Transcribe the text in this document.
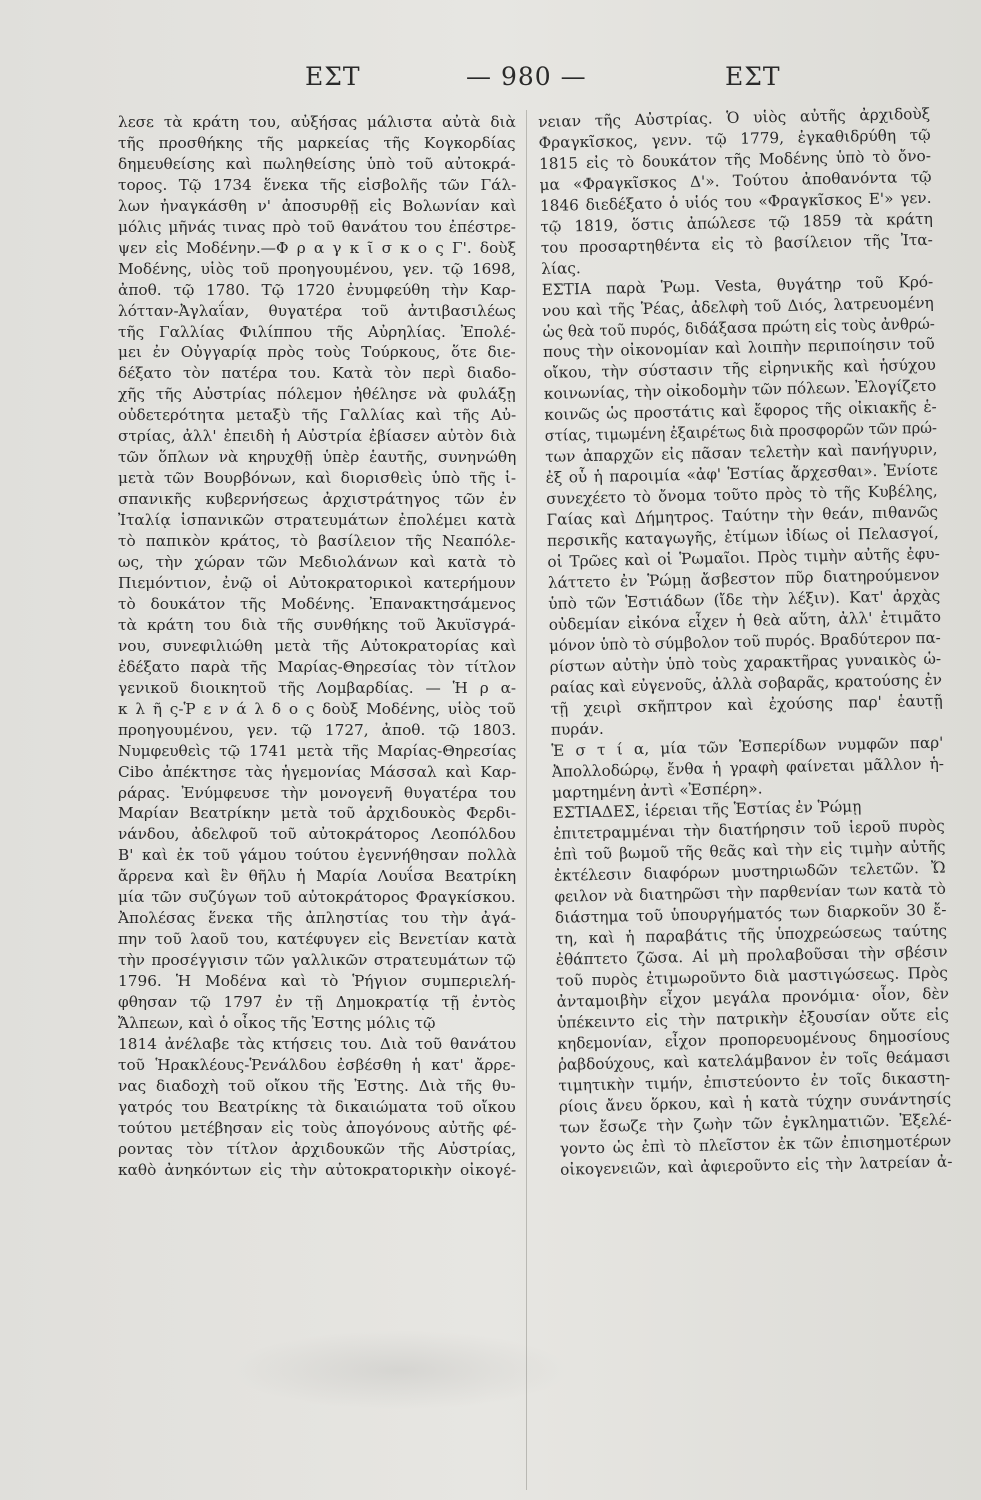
ΕΣΤ	— 980 —	ΕΣΤ

λεσε τὰ κράτη του, αὐξήσας μάλιστα αὐτὰ διὰ

τῆς προσθήκης τῆς μαρκείας τῆς Κογκορδίας

δημευθείσης καὶ πωληθείσης ὑπὸ τοῦ αὐτοκρά-

τορος. Τῷ 1734 ἕνεκα τῆς εἰσβολῆς τῶν Γάλ-

λων ἠναγκάσθη ν' ἀποσυρθῇ εἰς Βολωνίαν καὶ

μόλις μῆνάς τινας πρὸ τοῦ θανάτου του ἐπέστρε-

ψεν εἰς Μοδένην.—Φ ρ α γ κ ῖ σ κ ο ς Γ'. δοὺξ

Μοδένης, υἱὸς τοῦ προηγουμένου, γεν. τῷ 1698,

ἀποθ. τῷ 1780. Τῷ 1720 ἐνυμφεύθη τὴν Καρ-

λότταν-Ἀγλαΐαν, θυγατέρα τοῦ ἀντιβασιλέως

τῆς Γαλλίας Φιλίππου τῆς Αὐρηλίας. Ἐπολέ-

μει ἐν Οὐγγαρίᾳ πρὸς τοὺς Τούρκους, ὅτε διε-

δέξατο τὸν πατέρα του. Κατὰ τὸν περὶ διαδο-

χῆς τῆς Αὐστρίας πόλεμον ἠθέλησε νὰ φυλάξῃ

οὐδετερότητα μεταξὺ τῆς Γαλλίας καὶ τῆς Αὐ-

στρίας, ἀλλ' ἐπειδὴ ἡ Αὐστρία ἐβίασεν αὐτὸν διὰ

τῶν ὅπλων νὰ κηρυχθῇ ὑπὲρ ἑαυτῆς, συνηνώθη

μετὰ τῶν Βουρβόνων, καὶ διορισθεὶς ὑπὸ τῆς ἱ-

σπανικῆς κυβερνήσεως ἀρχιστράτηγος τῶν ἐν

Ἰταλίᾳ ἱσπανικῶν στρατευμάτων ἐπολέμει κατὰ

τὸ παπικὸν κράτος, τὸ βασίλειον τῆς Νεαπόλε-

ως, τὴν χώραν τῶν Μεδιολάνων καὶ κατὰ τὸ

Πιεμόντιον, ἐνῷ οἱ Αὐτοκρατορικοὶ κατερήμουν

τὸ δουκάτον τῆς Μοδένης. Ἐπανακτησάμενος

τὰ κράτη του διὰ τῆς συνθήκης τοῦ Ἀκυϊσγρά-

νου, συνεφιλιώθη μετὰ τῆς Αὐτοκρατορίας καὶ

ἐδέξατο παρὰ τῆς Μαρίας-Θηρεσίας τὸν τίτλον

γενικοῦ διοικητοῦ τῆς Λομβαρδίας. — Ἡ ρ α-

κ λ ῆ ς-Ῥ ε ν ά λ δ ο ς δοὺξ Μοδένης, υἱὸς τοῦ

προηγουμένου, γεν. τῷ 1727, ἀποθ. τῷ 1803.

Νυμφευθεὶς τῷ 1741 μετὰ τῆς Μαρίας-Θηρεσίας

Cibo ἀπέκτησε τὰς ἡγεμονίας Μάσσαλ καὶ Καρ-

ράρας. Ἐνύμφευσε τὴν μονογενῆ θυγατέρα του

Μαρίαν Βεατρίκην μετὰ τοῦ ἀρχιδουκὸς Φερδι-

νάνδου, ἀδελφοῦ τοῦ αὐτοκράτορος Λεοπόλδου

Β' καὶ ἐκ τοῦ γάμου τούτου ἐγεννήθησαν πολλὰ

ἄρρενα καὶ ἓν θῆλυ ἡ Μαρία Λουΐσα Βεατρίκη

μία τῶν συζύγων τοῦ αὐτοκράτορος Φραγκίσκου.

Ἀπολέσας ἕνεκα τῆς ἀπληστίας του τὴν ἀγά-

πην τοῦ λαοῦ του, κατέφυγεν εἰς Βενετίαν κατὰ

τὴν προσέγγισιν τῶν γαλλικῶν στρατευμάτων τῷ

1796. Ἡ Μοδένα καὶ τὸ Ῥήγιον συμπεριελή-

φθησαν τῷ 1797 ἐν τῇ Δημοκρατίᾳ τῇ ἐντὸς

Ἄλπεων, καὶ ὁ οἶκος τῆς Ἐστης μόλις τῷ

1814 ἀνέλαβε τὰς κτήσεις του. Διὰ τοῦ θανάτου

τοῦ Ἡρακλέους-Ῥενάλδου ἐσβέσθη ἡ κατ' ἄρρε-

νας διαδοχὴ τοῦ οἴκου τῆς Ἐστης. Διὰ τῆς θυ-

γατρός του Βεατρίκης τὰ δικαιώματα τοῦ οἴκου

τούτου μετέβησαν εἰς τοὺς ἀπογόνους αὐτῆς φέ-

ροντας τὸν τίτλον ἀρχιδουκῶν τῆς Αὐστρίας,

καθὸ ἀνηκόντων εἰς τὴν αὐτοκρατορικὴν οἰκογέ-

νειαν τῆς Αὐστρίας. Ὁ υἱὸς αὐτῆς ἀρχιδοὺξ

Φραγκῖσκος, γενν. τῷ 1779, ἐγκαθιδρύθη τῷ

1815 εἰς τὸ δουκάτον τῆς Μοδένης ὑπὸ τὸ ὄνο-

μα «Φραγκῖσκος Δ'». Τούτου ἀποθανόντα τῷ

1846 διεδέξατο ὁ υἱός του «Φραγκῖσκος Ε'» γεν.

τῷ 1819, ὅστις ἀπώλεσε τῷ 1859 τὰ κράτη

του προσαρτηθέντα εἰς τὸ βασίλειον τῆς Ἰτα-

λίας.

ΕΣΤΙΑ παρὰ Ῥωμ. Vesta, θυγάτηρ τοῦ Κρό-

νου καὶ τῆς Ῥέας, ἀδελφὴ τοῦ Διός, λατρευομένη

ὡς θεὰ τοῦ πυρός, διδάξασα πρώτη εἰς τοὺς ἀνθρώ-

πους τὴν οἰκονομίαν καὶ λοιπὴν περιποίησιν τοῦ

οἴκου, τὴν σύστασιν τῆς εἰρηνικῆς καὶ ἡσύχου

κοινωνίας, τὴν οἰκοδομὴν τῶν πόλεων. Ἐλογίζετο

κοινῶς ὡς προστάτις καὶ ἔφορος τῆς οἰκιακῆς ἑ-

στίας, τιμωμένη ἐξαιρέτως διὰ προσφορῶν τῶν πρώ-

των ἀπαρχῶν εἰς πᾶσαν τελετὴν καὶ πανήγυριν,

ἐξ οὗ ἡ παροιμία «ἀφ' Ἑστίας ἄρχεσθαι». Ἐνίοτε

συνεχέετο τὸ ὄνομα τοῦτο πρὸς τὸ τῆς Κυβέλης,

Γαίας καὶ Δήμητρος. Ταύτην τὴν θεάν, πιθανῶς

περσικῆς καταγωγῆς, ἐτίμων ἰδίως οἱ Πελασγοί,

οἱ Τρῶες καὶ οἱ Ῥωμαῖοι. Πρὸς τιμὴν αὐτῆς ἐφυ-

λάττετο ἐν Ῥώμῃ ἄσβεστον πῦρ διατηρούμενον

ὑπὸ τῶν Ἑστιάδων (ἴδε τὴν λέξιν). Κατ' ἀρχὰς

οὐδεμίαν εἰκόνα εἶχεν ἡ θεὰ αὕτη, ἀλλ' ἐτιμᾶτο

μόνον ὑπὸ τὸ σύμβολον τοῦ πυρός. Βραδύτερον πα-

ρίστων αὐτὴν ὑπὸ τοὺς χαρακτῆρας γυναικὸς ὡ-

ραίας καὶ εὐγενοῦς, ἀλλὰ σοβαρᾶς, κρατούσης ἐν

τῇ χειρὶ σκῆπτρον καὶ ἐχούσης παρ' ἑαυτῇ

πυράν.

Ἑ σ τ ί α, μία τῶν Ἑσπερίδων νυμφῶν παρ'

Ἀπολλοδώρῳ, ἔνθα ἡ γραφὴ φαίνεται μᾶλλον ἡ-

μαρτημένη ἀντὶ «Ἐσπέρη».

ΕΣΤΙΑΔΕΣ, ἱέρειαι τῆς Ἑστίας ἐν Ῥώμῃ

ἐπιτετραμμέναι τὴν διατήρησιν τοῦ ἱεροῦ πυρὸς

ἐπὶ τοῦ βωμοῦ τῆς θεᾶς καὶ τὴν εἰς τιμὴν αὐτῆς

ἐκτέλεσιν διαφόρων μυστηριωδῶν τελετῶν. Ὤ

φειλον νὰ διατηρῶσι τὴν παρθενίαν των κατὰ τὸ

διάστημα τοῦ ὑπουργήματός των διαρκοῦν 30 ἔ-

τη, καὶ ἡ παραβάτις τῆς ὑποχρεώσεως ταύτης

ἐθάπτετο ζῶσα. Αἱ μὴ προλαβοῦσαι τὴν σβέσιν

τοῦ πυρὸς ἐτιμωροῦντο διὰ μαστιγώσεως. Πρὸς

ἀνταμοιβὴν εἶχον μεγάλα προνόμια· οἷον, δὲν

ὑπέκειντο εἰς τὴν πατρικὴν ἐξουσίαν οὔτε εἰς

κηδεμονίαν, εἶχον προπορευομένους δημοσίους

ῥαβδούχους, καὶ κατελάμβανον ἐν τοῖς θεάμασι

τιμητικὴν τιμήν, ἐπιστεύοντο ἐν τοῖς δικαστη-

ρίοις ἄνευ ὅρκου, καὶ ἡ κατὰ τύχην συνάντησίς

των ἔσωζε τὴν ζωὴν τῶν ἐγκληματιῶν. Ἐξελέ-

γοντο ὡς ἐπὶ τὸ πλεῖστον ἐκ τῶν ἐπισημοτέρων

οἰκογενειῶν, καὶ ἀφιεροῦντο εἰς τὴν λατρείαν ἀ-
